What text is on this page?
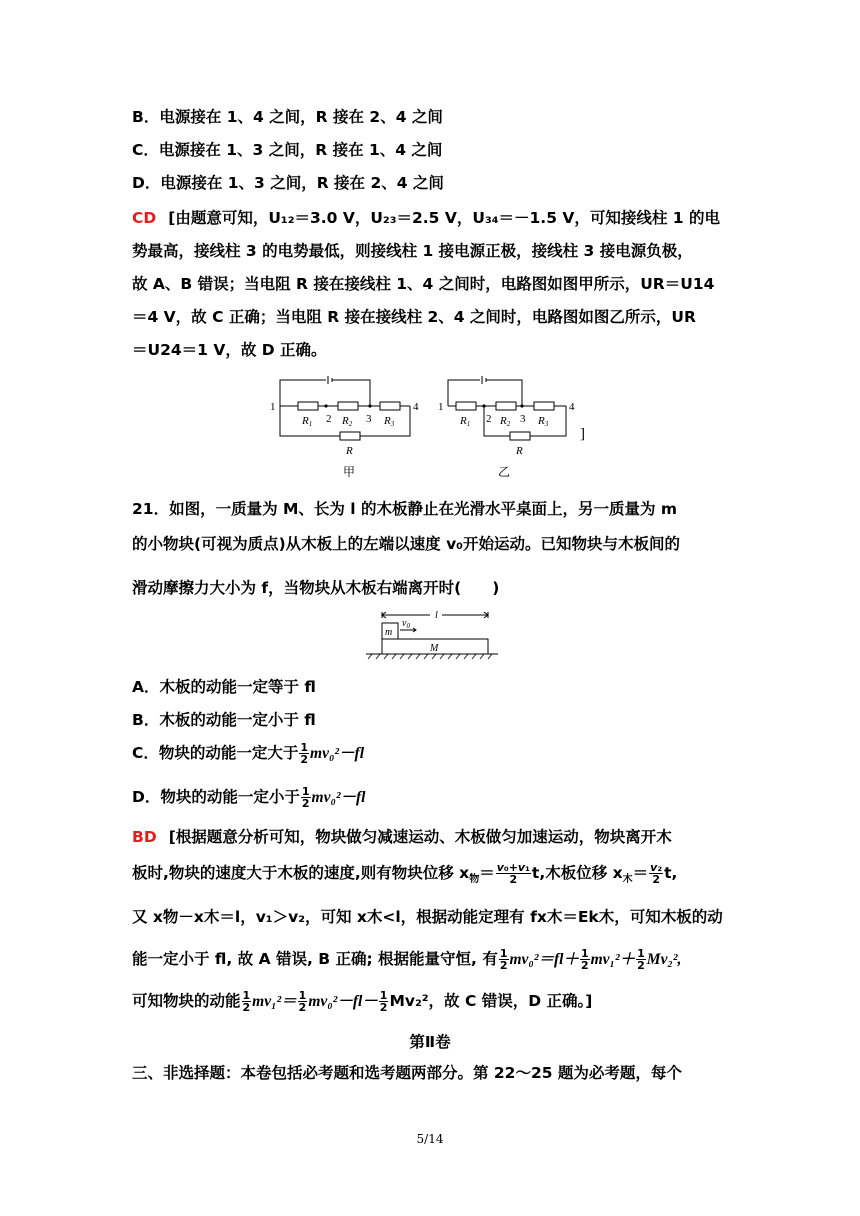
B．电源接在 1、4 之间，R 接在 2、4 之间
C．电源接在 1、3 之间，R 接在 1、4 之间
D．电源接在 1、3 之间，R 接在 2、4 之间
CD [由题意可知，U₁₂＝3.0 V，U₂₃＝2.5 V，U₃₄＝－1.5 V，可知接线柱 1 的电
势最高，接线柱 3 的电势最低，则接线柱 1 接电源正极，接线柱 3 接电源负极，
故 A、B 错误；当电阻 R 接在接线柱 1、4 之间时，电路图如图甲所示，UR＝U14
＝4 V，故 C 正确；当电阻 R 接在接线柱 2、4 之间时，电路图如图乙所示，UR
＝U24＝1 V，故 D 正确。
1
2	3
4
R1	R2	R3
R
甲
1
2	3
4
R1	R2	R3
R
乙
]
21．如图，一质量为 M、长为 l 的木板静止在光滑水平桌面上，另一质量为 m
的小物块(可视为质点)从木板上的左端以速度 v₀开始运动。已知物块与木板间的
滑动摩擦力大小为 f，当物块从木板右端离开时(　　)
l
m
$v_0$
M
A．木板的动能一定等于 fl
B．木板的动能一定小于 fl
C．物块的动能一定大于 $\frac{1}{2} mv_0^2-fl$
D．物块的动能一定小于 $\frac{1}{2} mv_0^2-fl$
BD [根据题意分析可知，物块做匀减速运动、木板做匀加速运动，物块离开木
板时,物块的速度大于木板的速度,则有物块位移 $x_物= \frac{\text{v₀+v₁}}{2} t$,木板位移 $x_木= \frac{\text{v₂}}{2} t$,
又 x物－x木＝l，v₁＞v₂，可知 x木<l，根据动能定理有 fx木＝Ek木，可知木板的动
能一定小于 fl, 故 A 错误, B 正确; 根据能量守恒, 有 $\frac{1}{2} mv_0^2=fl+ \frac{1}{2} mv_1^2+ \frac{1}{2} Mv_2^2$,
可知物块的动能 $\frac{1}{2} mv_1^2= \frac{1}{2} mv_0^2-fl- \frac{1}{2} Mv_2^2$，故 C 错误，D 正确。]
第Ⅱ卷
三、非选择题：本卷包括必考题和选考题两部分。第 22～25 题为必考题，每个
5/14
